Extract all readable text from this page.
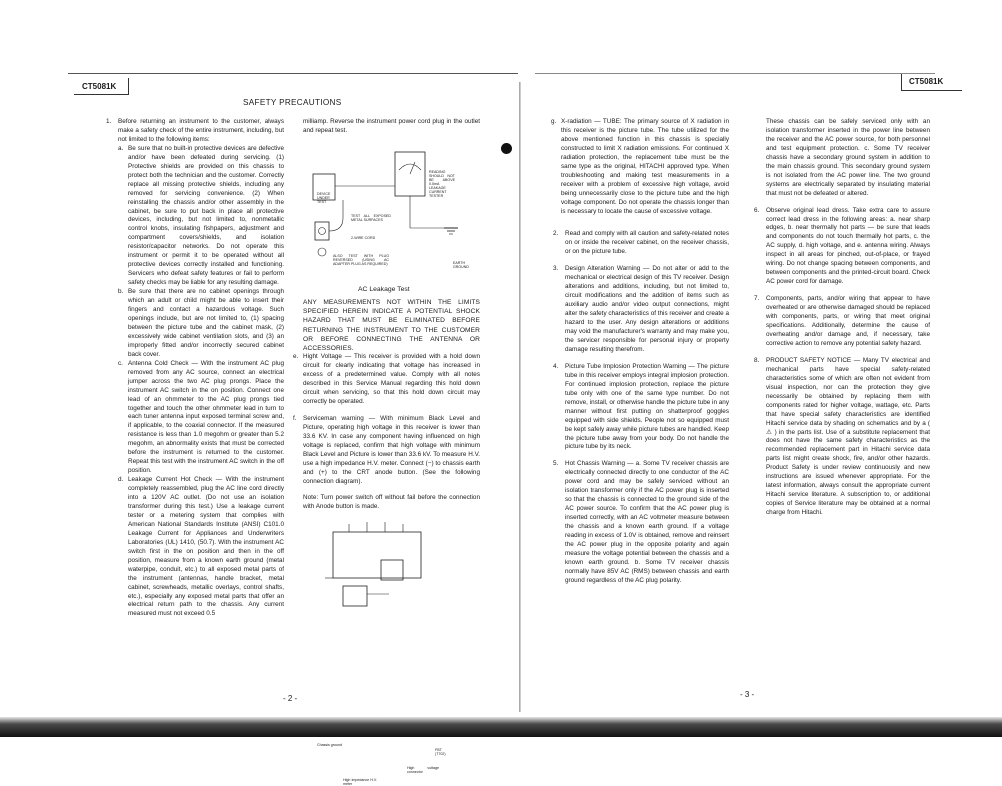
CT5081K
CT5081K
SAFETY PRECAUTIONS
1. Before returning an instrument to the customer, always make a safety check of the entire instrument, including, but not limited to the following items:

a. Be sure that no built-in protective devices are defective and/or have been defeated during servicing. (1) Protective shields are provided on this chassis to protect both the technician and the customer. Correctly replace all missing protective shields, including any removed for servicing convenience. (2) When reinstalling the chassis and/or other assembly in the cabinet, be sure to put back in place all protective devices, including, but not limited to, nonmetallic control knobs, insulating fishpapers, adjustment and compartment covers/shields, and isolation resistor/capacitor networks. Do not operate this instrument or permit it to be operated without all protective devices correctly installed and functioning. Servicers who defeat safety features or fail to perform safety checks may be liable for any resulting damage.

b. Be sure that there are no cabinet openings through which an adult or child might be able to insert their fingers and contact a hazardous voltage. Such openings include, but are not limited to, (1) spacing between the picture tube and the cabinet mask, (2) excessively wide cabinet ventilation slots, and (3) an improperly fitted and/or incorrectly secured cabinet back cover.

c. Antenna Cold Check — With the instrument AC plug removed from any AC source, connect an electrical jumper across the two AC plug prongs. Place the instrument AC switch in the on position. Connect one lead of an ohmmeter to the AC plug prongs tied together and touch the other ohmmeter lead in turn to each tuner antenna input exposed terminal screw and, if applicable, to the coaxial connector. If the measured resistance is less than 1.0 megohm or greater than 5.2 megohm, an abnormality exists that must be corrected before the instrument is returned to the customer. Repeat this test with the instrument AC switch in the off position.

d. Leakage Current Hot Check — With the instrument completely reassembled, plug the AC line cord directly into a 120V AC outlet. (Do not use an isolation transformer during this test.) Use a leakage current tester or a metering system that complies with American National Standards Institute (ANSI) C101.0 Leakage Current for Appliances and Underwriters Laboratories (UL) 1410, (50.7). With the instrument AC switch first in the on position and then in the off position, measure from a known earth ground (metal waterpipe, conduit, etc.) to all exposed metal parts of the instrument (antennas, handle bracket, metal cabinet, screwheads, metallic overlays, control shafts, etc.), especially any exposed metal parts that offer an electrical return path to the chassis. Any current measured must not exceed 0.5

milliamp. Reverse the instrument power cord plug in the outlet and repeat test.

READING SHOULD NOT BE ABOVE 0.5mA
DEVICE UNDER TEST
LEAKAGE CURRENT TESTER
TEST ALL EXPOSED METAL SURFACES
2-WIRE CORD
ALSO TEST WITH PLUG REVERSED (USING AC ADAPTER PLUG AS REQUIRED)	EARTH GROUND
AC Leakage Test

ANY MEASUREMENTS NOT WITHIN THE LIMITS SPECIFIED HEREIN INDICATE A POTENTIAL SHOCK HAZARD THAT MUST BE ELIMINATED BEFORE RETURNING THE INSTRUMENT TO THE CUSTOMER OR BEFORE CONNECTING THE ANTENNA OR ACCESSORIES.

e. Hight Voltage — This receiver is provided with a hold down circuit for clearly indicating that voltage has increased in excess of a predetermined value. Comply with all notes described in this Service Manual regarding this hold down circuit when servicing, so that this hold down circuit may correctly be operated.

f. Serviceman warning — With minimum Black Level and Picture, operating high voltage in this receiver is lower than 33.6 KV. In case any component having influenced on high voltage is replaced, confirm that high voltage with minimum Black Level and Picture is lower than 33.6 kV. To measure H.V. use a high impedance H.V. meter. Connect (−) to chassis earth and (+) to the CRT anode button. (See the following connection diagram).

Note: Turn power switch off without fail before the connection with Anode button is made.

Chassis ground
FBT (T702)
High voltage connector
High impedance H.V. meter
g. X-radiation — TUBE: The primary source of X radiation in this receiver is the picture tube. The tube utilized for the above mentioned function in this chassis is specially constructed to limit X radiation emissions. For continued X radiation protection, the replacement tube must be the same type as the original, HITACHI approved type. When troubleshooting and making test measurements in a receiver with a problem of excessive high voltage, avoid being unnecessarily close to the picture tube and the high voltage component. Do not operate the chassis longer than is necessary to locate the cause of excessive voltage.

2. Read and comply with all caution and safety-related notes on or inside the receiver cabinet, on the receiver chassis, or on the picture tube.

3. Design Alteration Warning — Do not alter or add to the mechanical or electrical design of this TV receiver. Design alterations and additions, including, but not limited to, circuit modifications and the addition of items such as auxiliary audio and/or video output connections, might alter the safety characteristics of this receiver and create a hazard to the user. Any design alterations or additions may void the manufacturer's warranty and may make you, the servicer responsible for personal injury or property damage resulting therefrom.

4. Picture Tube Implosion Protection Warning — The picture tube in this receiver employs integral implosion protection. For continued implosion protection, replace the picture tube only with one of the same type number. Do not remove, install, or otherwise handle the picture tube in any manner without first putting on shatterproof goggles equipped with side shields. People not so equipped must be kept safely away while picture tubes are handled. Keep the picture tube away from your body. Do not handle the picture tube by its neck.

5. Hot Chassis Warning — a. Some TV receiver chassis are electrically connected directly to one conductor of the AC power cord and may be safely serviced without an isolation transformer only if the AC power plug is inserted so that the chassis is connected to the ground side of the AC power source. To confirm that the AC power plug is inserted correctly, with an AC voltmeter measure between the chassis and a known earth ground. If a voltage reading in excess of 1.0V is obtained, remove and reinsert the AC power plug in the opposite polarity and again measure the voltage potential between the chassis and a known earth ground. b. Some TV receiver chassis normally have 85V AC (RMS) between chassis and earth ground regardless of the AC plug polarity.

These chassis can be safely serviced only with an isolation transformer inserted in the power line between the receiver and the AC power source, for both personnel and test equipment protection. c. Some TV receiver chassis have a secondary ground system in addition to the main chassis ground. This secondary ground system is not isolated from the AC power line. The two ground systems are electrically separated by insulating material that must not be defeated or altered.

6. Observe original lead dress. Take extra care to assure correct lead dress in the following areas: a. near sharp edges, b. near thermally hot parts — be sure that leads and components do not touch thermally hot parts, c. the AC supply, d. high voltage, and e. antenna wiring. Always inspect in all areas for pinched, out-of-place, or frayed wiring. Do not change spacing between components, and between components and the printed-circuit board. Check AC power cord for damage.

7. Components, parts, and/or wiring that appear to have overheated or are otherwise damaged should be replaced with components, parts, or wiring that meet original specifications. Additionally, determine the cause of overheating and/or damage and, if necessary, take corrective action to remove any potential safety hazard.

8. PRODUCT SAFETY NOTICE — Many TV electrical and mechanical parts have special safety-related characteristics some of which are often not evident from visual inspection, nor can the protection they give necessarily be obtained by replacing them with components rated for higher voltage, wattage, etc. Parts that have special safety characteristics are identified Hitachi service data by shading on schematics and by a ( ⚠ ) in the parts list. Use of a substitute replacement that does not have the same safety characteristics as the recommended replacement part in Hitachi service data parts list might create shock, fire, and/or other hazards. Product Safety is under review continuously and new instructions are issued whenever appropriate. For the latest information, always consult the appropriate current Hitachi service literature. A subscription to, or additional copies of Service literature may be obtained at a normal charge from Hitachi.

- 2 -	- 3 -
